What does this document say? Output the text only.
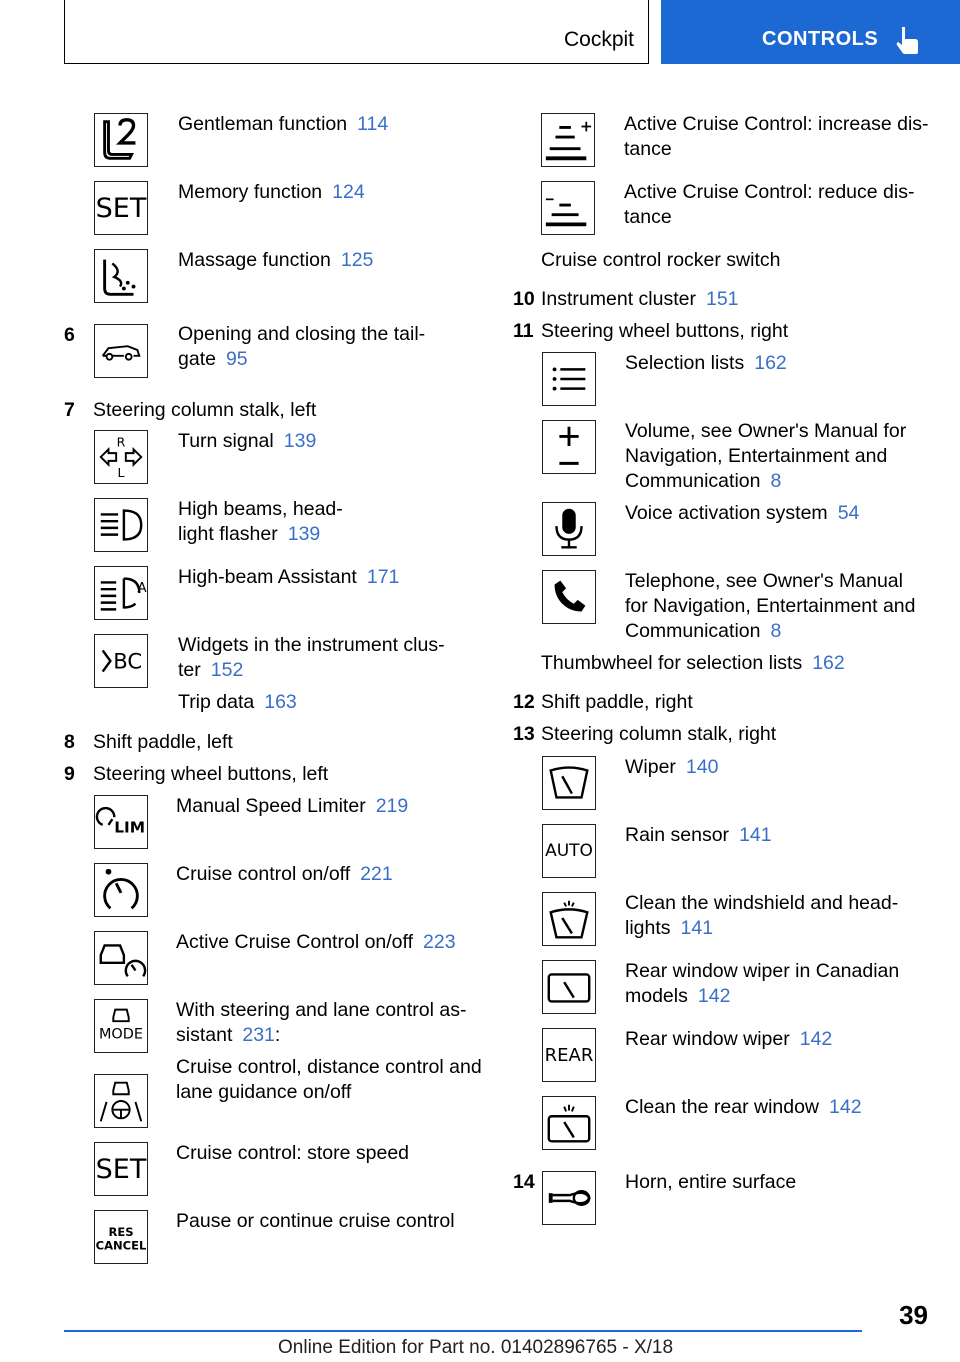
Cockpit	CONTROLS
Gentleman function 114
SET
Memory function 124
Massage function 125
6	Opening and closing the tail-
gate 95
7 Steering column stalk, left
R
L
Turn signal 139
High beams, head-
light flasher 139
A
High-beam Assistant 171
BC
Widgets in the instrument clus-
ter 152
Trip data 163
8 Shift paddle, left
9 Steering wheel buttons, left
LIM
Manual Speed Limiter 219
Cruise control on/off 221
Active Cruise Control on/off 223
MODE
With steering and lane control as-
sistant 231:
Cruise control, distance control and
lane guidance on/off
SET
Cruise control: store speed
RES
CANCEL
Pause or continue cruise control
Active Cruise Control: increase dis-
tance
Active Cruise Control: reduce dis-
tance
Cruise control rocker switch
10 Instrument cluster 151
11 Steering wheel buttons, right
Selection lists 162
Volume, see Owner's Manual for
Navigation, Entertainment and
Communication 8
Voice activation system 54
Telephone, see Owner's Manual
for Navigation, Entertainment and
Communication 8
Thumbwheel for selection lists 162
12 Shift paddle, right
13 Steering column stalk, right
Wiper 140
AUTO
Rain sensor 141
Clean the windshield and head-
lights 141
Rear window wiper in Canadian
models 142
REAR
Rear window wiper 142
Clean the rear window 142
14	Horn, entire surface
39
Online Edition for Part no. 01402896765 - X/18
